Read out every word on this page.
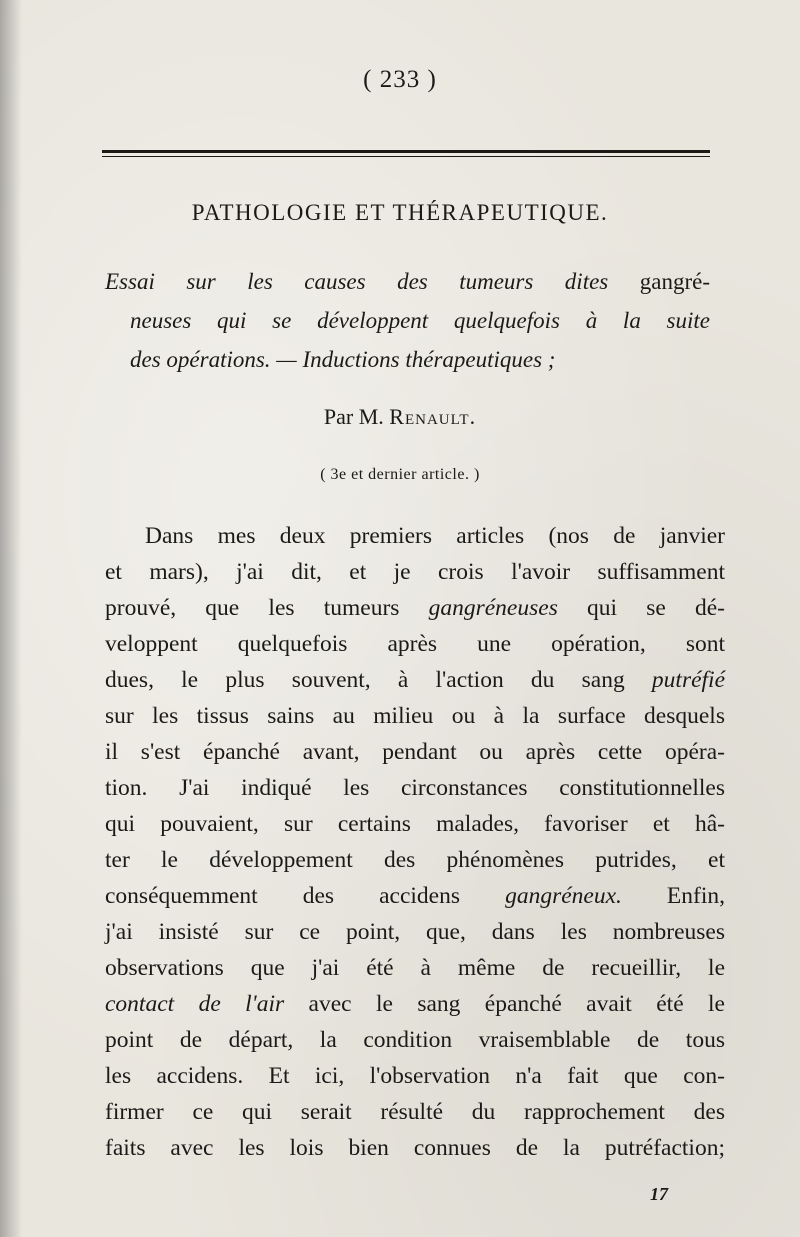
( 233 )
PATHOLOGIE ET THÉRAPEUTIQUE.
Essai sur les causes des tumeurs dites gangré-
neuses qui se développent quelquefois à la suite
des opérations. — Inductions thérapeutiques ;
Par M. Renault.
( 3e et dernier article. )
Dans mes deux premiers articles (nos de janvier
et mars), j'ai dit, et je crois l'avoir suffisamment
prouvé, que les tumeurs gangréneuses qui se dé-
veloppent quelquefois après une opération, sont
dues, le plus souvent, à l'action du sang putréfié
sur les tissus sains au milieu ou à la surface desquels
il s'est épanché avant, pendant ou après cette opéra-
tion. J'ai indiqué les circonstances constitutionnelles
qui pouvaient, sur certains malades, favoriser et hâ-
ter le développement des phénomènes putrides, et
conséquemment des accidens gangréneux. Enfin,
j'ai insisté sur ce point, que, dans les nombreuses
observations que j'ai été à même de recueillir, le
contact de l'air avec le sang épanché avait été le
point de départ, la condition vraisemblable de tous
les accidens. Et ici, l'observation n'a fait que con-
firmer ce qui serait résulté du rapprochement des
faits avec les lois bien connues de la putréfaction;
17
